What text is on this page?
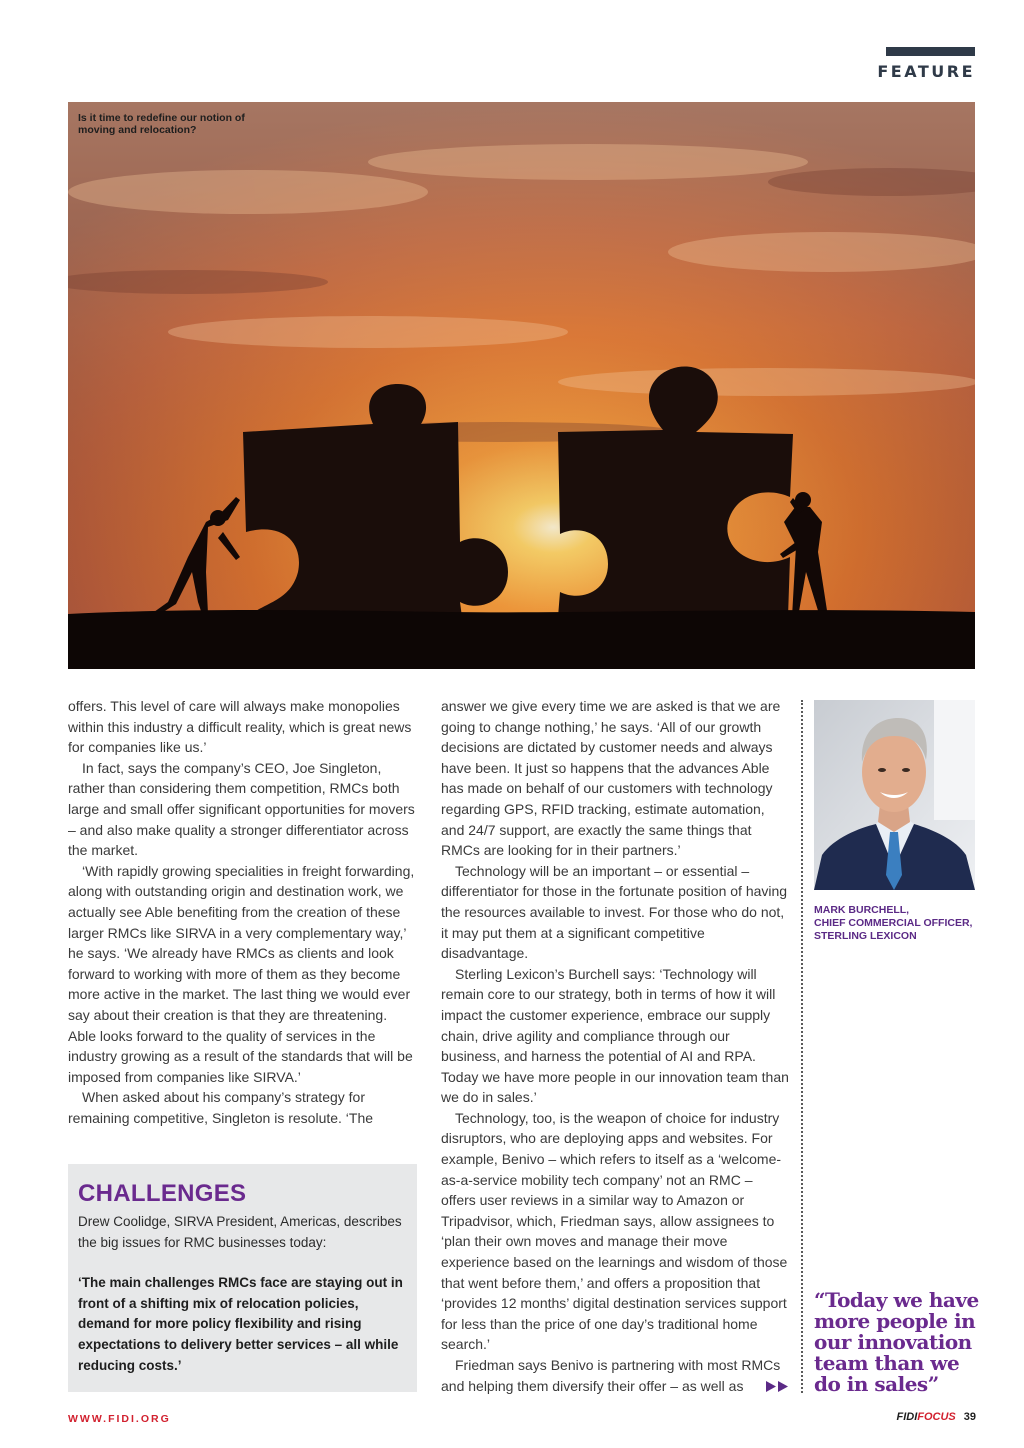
FEATURE
Is it time to redefine our notion of moving and relocation?

offers. This level of care will always make monopolies within this industry a difficult reality, which is great news for companies like us.’

In fact, says the company’s CEO, Joe Singleton, rather than considering them competition, RMCs both large and small offer significant opportunities for movers – and also make quality a stronger differentiator across the market.

‘With rapidly growing specialities in freight forwarding, along with outstanding origin and destination work, we actually see Able benefiting from the creation of these larger RMCs like SIRVA in a very complementary way,’ he says. ‘We already have RMCs as clients and look forward to working with more of them as they become more active in the market. The last thing we would ever say about their creation is that they are threatening. Able looks forward to the quality of services in the industry growing as a result of the standards that will be imposed from companies like SIRVA.’

When asked about his company’s strategy for remaining competitive, Singleton is resolute. ‘The

CHALLENGES

Drew Coolidge, SIRVA President, Americas, describes the big issues for RMC businesses today:

‘The main challenges RMCs face are staying out in front of a shifting mix of relocation policies, demand for more policy flexibility and rising expectations to delivery better services – all while reducing costs.’

answer we give every time we are asked is that we are going to change nothing,’ he says. ‘All of our growth decisions are dictated by customer needs and always have been. It just so happens that the advances Able has made on behalf of our customers with technology regarding GPS, RFID tracking, estimate automation, and 24/7 support, are exactly the same things that RMCs are looking for in their partners.’

Technology will be an important – or essential – differentiator for those in the fortunate position of having the resources available to invest. For those who do not, it may put them at a significant competitive disadvantage.

Sterling Lexicon’s Burchell says: ‘Technology will remain core to our strategy, both in terms of how it will impact the customer experience, embrace our supply chain, drive agility and compliance through our business, and harness the potential of AI and RPA. Today we have more people in our innovation team than we do in sales.’

Technology, too, is the weapon of choice for industry disruptors, who are deploying apps and websites. For example, Benivo – which refers to itself as a ‘welcome-as-a-service mobility tech company’ not an RMC – offers user reviews in a similar way to Amazon or Tripadvisor, which, Friedman says, allow assignees to ‘plan their own moves and manage their move experience based on the learnings and wisdom of those that went before them,’ and offers a proposition that ‘provides 12 months’ digital destination services support for less than the price of one day’s traditional home search.’

Friedman says Benivo is partnering with most RMCs and helping them diversify their offer – as well as

MARK BURCHELL,
CHIEF COMMERCIAL OFFICER,
STERLING LEXICON
“Today we have more people in our innovation team than we do in sales”
WWW.FIDI.ORG	FIDIFOCUS 39
